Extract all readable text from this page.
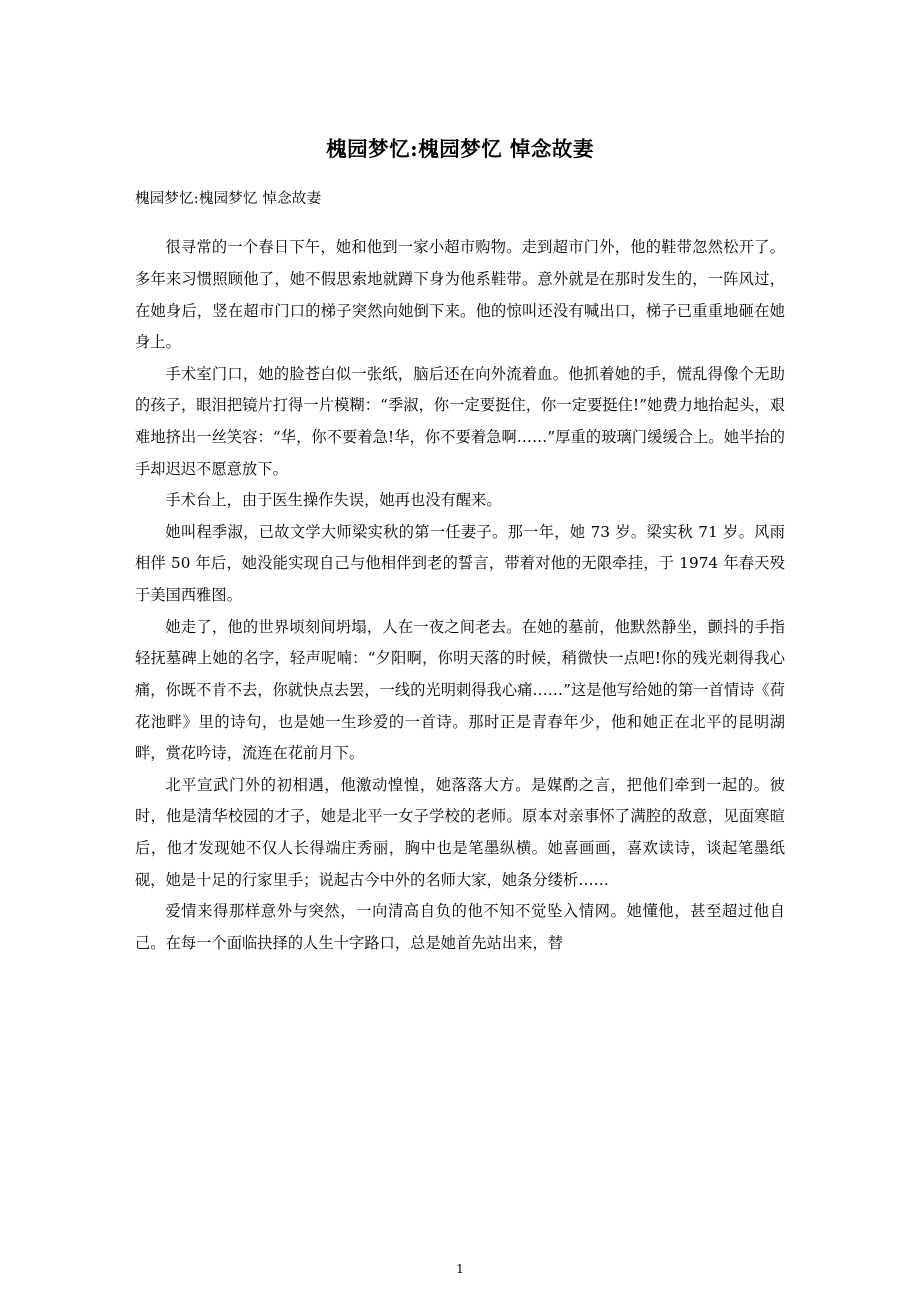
槐园梦忆:槐园梦忆 悼念故妻

槐园梦忆:槐园梦忆 悼念故妻

很寻常的一个春日下午，她和他到一家小超市购物。走到超市门外，他的鞋带忽然松开了。多年来习惯照顾他了，她不假思索地就蹲下身为他系鞋带。意外就是在那时发生的，一阵风过，在她身后，竖在超市门口的梯子突然向她倒下来。他的惊叫还没有喊出口，梯子已重重地砸在她身上。

手术室门口，她的脸苍白似一张纸，脑后还在向外流着血。他抓着她的手，慌乱得像个无助的孩子，眼泪把镜片打得一片模糊：“季淑，你一定要挺住，你一定要挺住!”她费力地抬起头，艰难地挤出一丝笑容：“华，你不要着急!华，你不要着急啊……”厚重的玻璃门缓缓合上。她半抬的手却迟迟不愿意放下。

手术台上，由于医生操作失误，她再也没有醒来。

她叫程季淑，已故文学大师梁实秋的第一任妻子。那一年，她 73 岁。梁实秋 71 岁。风雨相伴 50 年后，她没能实现自己与他相伴到老的誓言，带着对他的无限牵挂，于 1974 年春天殁于美国西雅图。

她走了，他的世界顷刻间坍塌，人在一夜之间老去。在她的墓前，他默然静坐，颤抖的手指轻抚墓碑上她的名字，轻声呢喃：“夕阳啊，你明天落的时候，稍微快一点吧!你的残光刺得我心痛，你既不肯不去，你就快点去罢，一线的光明刺得我心痛……”这是他写给她的第一首情诗《荷花池畔》里的诗句，也是她一生珍爱的一首诗。那时正是青春年少，他和她正在北平的昆明湖畔，赏花吟诗，流连在花前月下。

北平宣武门外的初相遇，他激动惶惶，她落落大方。是媒酌之言，把他们牵到一起的。彼时，他是清华校园的才子，她是北平一女子学校的老师。原本对亲事怀了满腔的敌意，见面寒暄后，他才发现她不仅人长得端庄秀丽，胸中也是笔墨纵横。她喜画画，喜欢读诗，谈起笔墨纸砚，她是十足的行家里手；说起古今中外的名师大家，她条分缕析……

爱情来得那样意外与突然，一向清高自负的他不知不觉坠入情网。她懂他，甚至超过他自己。在每一个面临抉择的人生十字路口，总是她首先站出来，替

1
